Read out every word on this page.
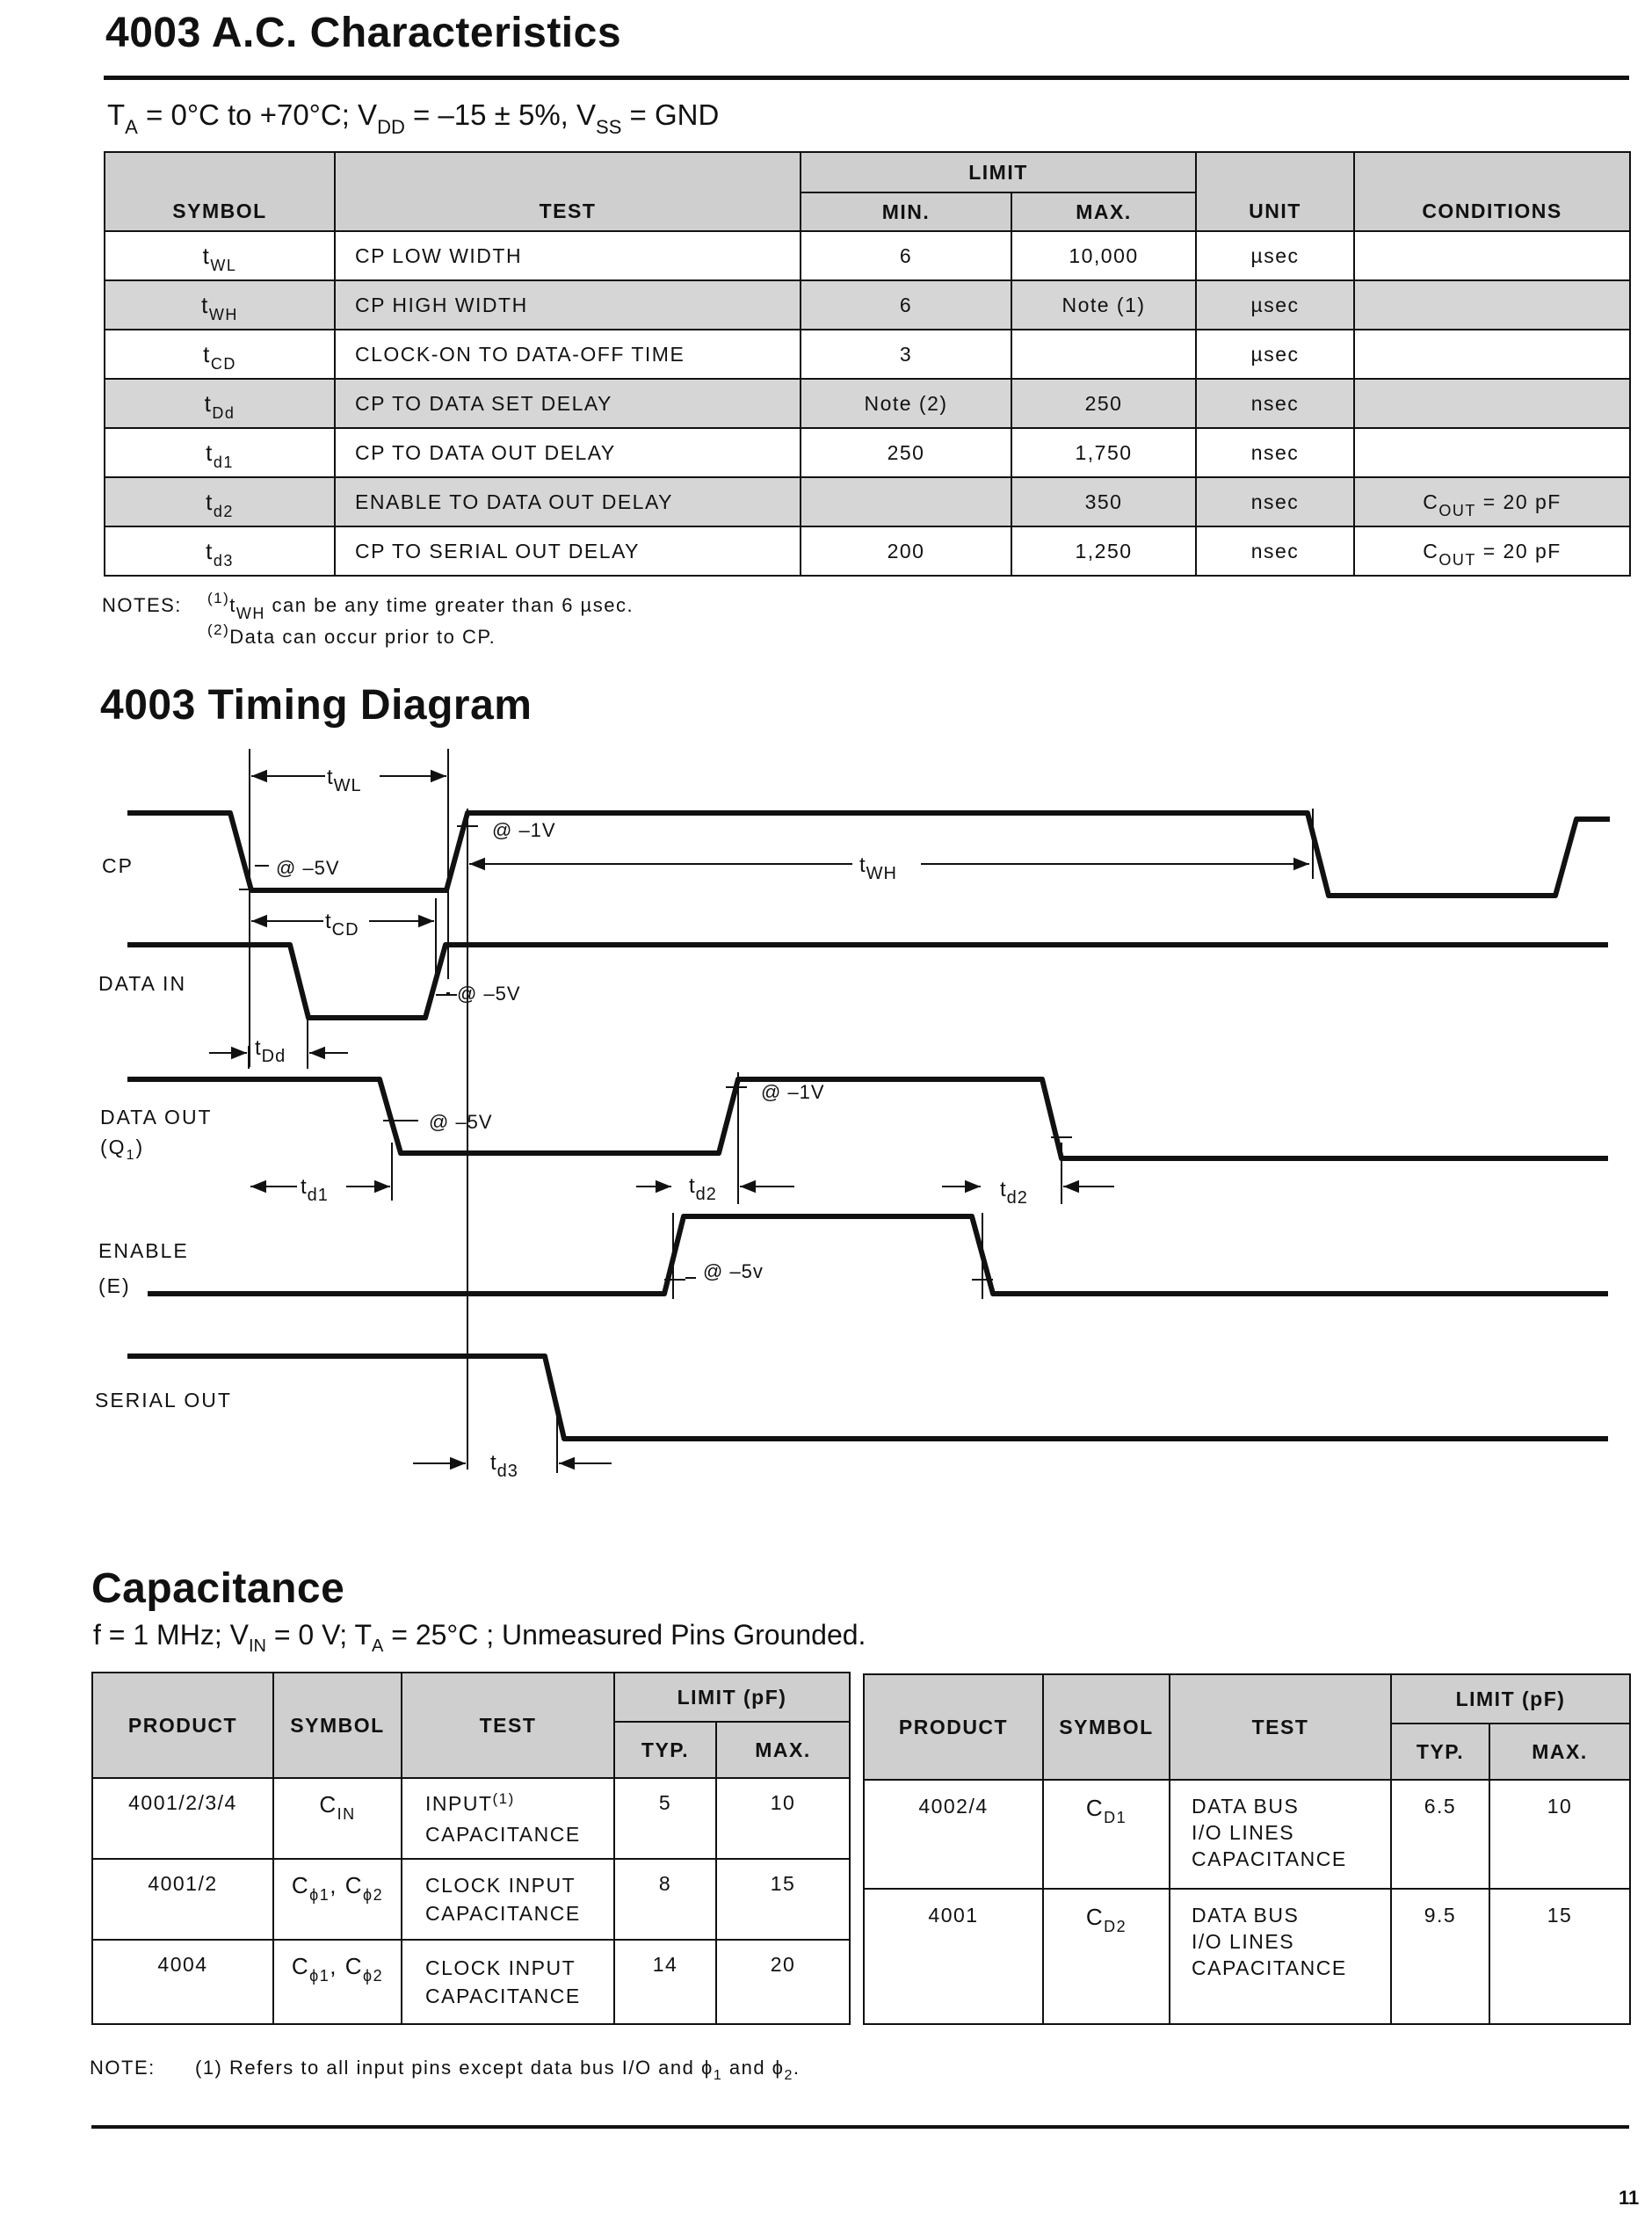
4003 A.C. Characteristics
$T_A = 0^\circ C$ to +70°C; $V_{DD} = -15 \pm 5\%$, $V_{SS}$ = GND
SYMBOL	TEST	LIMIT		UNIT	CONDITIONS
		MIN.	MAX.		
$t_{WL}$	CP LOW WIDTH	6	10,000	µsec	
$t_{WH}$	CP HIGH WIDTH	6	Note (1)	µsec	
$t_{CD}$	CLOCK-ON TO DATA-OFF TIME	3		µsec	
$t_{Dd}$	CP TO DATA SET DELAY	Note (2)	250	nsec	
$t_{d1}$	CP TO DATA OUT DELAY	250	1,750	nsec	
$t_{d2}$	ENABLE TO DATA OUT DELAY		350	nsec	$C_{OUT} = 20$ pF
$t_{d3}$	CP TO SERIAL OUT DELAY	200	1,250	nsec	$C_{OUT} = 20$ pF
NOTES: $^{(1)}t_{WH}$ can be any time greater than 6 µsec.
$^{(2)}$Data can occur prior to CP.
4003 Timing Diagram
CP
DATA IN
DATA OUT
$(Q_1)$
ENABLE
(E)
SERIAL OUT
@ –5V
@ –1V
@ –5V
@ –5V
@ –1V
@ –5v
$t_{WL}$
$t_{WH}$
$t_{CD}$
$t_{Dd}$
$t_{d1}$	$t_{d2}$	$t_{d2}$
$t_{d3}$
Capacitance
f = 1 MHz; $V_{IN} = 0$ V; $T_A = 25^\circ C$ ; Unmeasured Pins Grounded.
PRODUCT	SYMBOL	TEST	LIMIT (pF)	
			TYP.	MAX.
4001/2/3/4	$C_{IN}$	INPUT$^{(1)}$
CAPACITANCE	5	10
4001/2	$C_{\phi 1}$, $C_{\phi 2}$	CLOCK INPUT
CAPACITANCE	8	15
4004	$C_{\phi 1}$, $C_{\phi 2}$	CLOCK INPUT
CAPACITANCE	14	20
PRODUCT	SYMBOL	TEST	LIMIT (pF)	
			TYP.	MAX.
4002/4	$C_{D1}$	DATA BUS
I/O LINES
CAPACITANCE	6.5	10
4001	$C_{D2}$	DATA BUS
I/O LINES
CAPACITANCE	9.5	15
NOTE: (1) Refers to all input pins except data bus I/O and $\phi_1$ and $\phi_2$.
11
